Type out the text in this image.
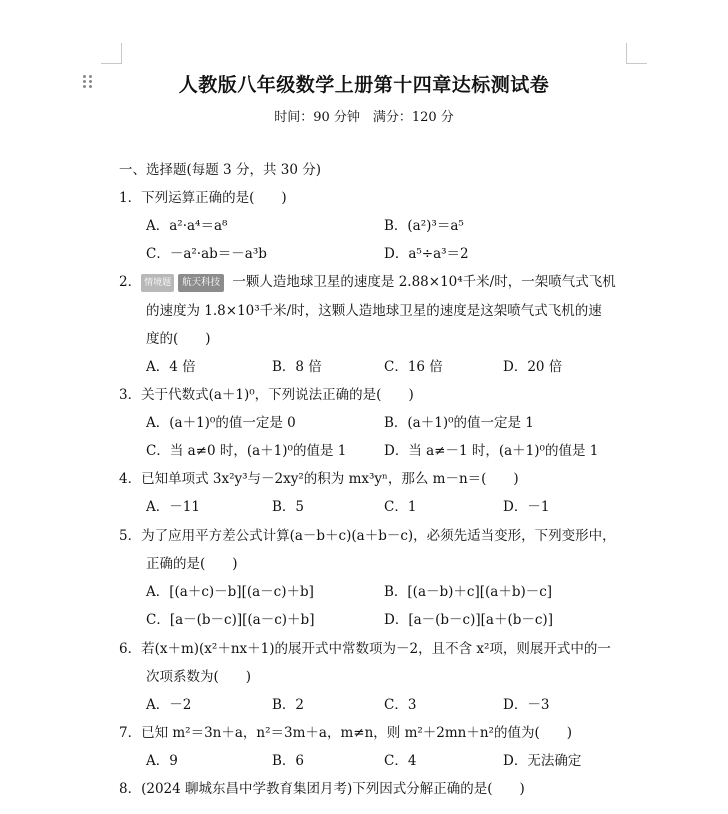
人教版八年级数学上册第十四章达标测试卷
时间：90 分钟　满分：120 分
一、选择题(每题 3 分，共 30 分)
1．下列运算正确的是(　　)
A．a²·a⁴＝a⁸	B．(a²)³＝a⁵
C．－a²·ab＝－a³b	D．a⁵÷a³＝2
2． 情境题 航天科技 一颗人造地球卫星的速度是 2.88×10⁴千米/时，一架喷气式飞机
的速度为 1.8×10³千米/时，这颗人造地球卫星的速度是这架喷气式飞机的速
度的(　　)
A．4 倍	B．8 倍	C．16 倍	D．20 倍
3．关于代数式(a＋1)⁰，下列说法正确的是(　　)
A．(a＋1)⁰的值一定是 0	B．(a＋1)⁰的值一定是 1
C．当 a≠0 时，(a＋1)⁰的值是 1	D．当 a≠－1 时，(a＋1)⁰的值是 1
4．已知单项式 3x²y³与－2xy²的积为 mx³yⁿ，那么 m－n＝(　　)
A．－11	B．5	C．1	D．－1
5．为了应用平方差公式计算(a－b＋c)(a＋b－c)，必须先适当变形，下列变形中，
正确的是(　　)
A．[(a＋c)－b][(a－c)＋b]	B．[(a－b)＋c][(a＋b)－c]
C．[a－(b－c)][(a－c)＋b]	D．[a－(b－c)][a＋(b－c)]
6．若(x＋m)(x²＋nx＋1)的展开式中常数项为－2，且不含 x²项，则展开式中的一
次项系数为(　　)
A．－2	B．2	C．3	D．－3
7．已知 m²＝3n＋a，n²＝3m＋a，m≠n，则 m²＋2mn＋n²的值为(　　)
A．9	B．6	C．4	D．无法确定
8．(2024 聊城东昌中学教育集团月考)下列因式分解正确的是(　　)
